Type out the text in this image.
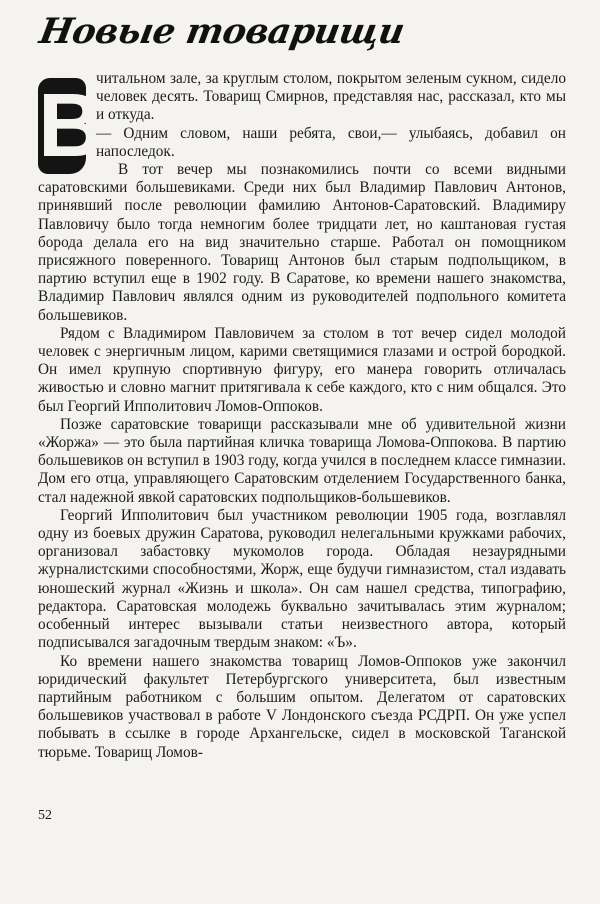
Новые товарищи
В

читальном зале, за круглым столом, покрытом зеленым сукном, сидело человек десять. Товарищ Смирнов, представляя нас, рассказал, кто мы и откуда.

— Одним словом, наши ребята, свои,— улыбаясь, добавил он напоследок.

В тот вечер мы познакомились почти со всеми видными саратовскими большевиками. Среди них был Владимир Павлович Антонов, принявший после революции фамилию Антонов-Саратовский. Владимиру Павловичу было тогда немногим более тридцати лет, но каштановая густая борода делала его на вид значительно старше. Работал он помощником присяжного поверенного. Товарищ Антонов был старым подпольщиком, в партию вступил еще в 1902 году. В Саратове, ко времени нашего знакомства, Владимир Павлович являлся одним из руководителей подпольного комитета большевиков.

Рядом с Владимиром Павловичем за столом в тот вечер сидел молодой человек с энергичным лицом, карими светящимися глазами и острой бородкой. Он имел крупную спортивную фигуру, его манера говорить отличалась живостью и словно магнит притягивала к себе каждого, кто с ним общался. Это был Георгий Ипполитович Ломов-Оппоков.

Позже саратовские товарищи рассказывали мне об удивительной жизни «Жоржа» — это была партийная кличка товарища Ломова-Оппокова. В партию большевиков он вступил в 1903 году, когда учился в последнем классе гимназии. Дом его отца, управляющего Саратовским отделением Государственного банка, стал надежной явкой саратовских подпольщиков-большевиков.

Георгий Ипполитович был участником революции 1905 года, возглавлял одну из боевых дружин Саратова, руководил нелегальными кружками рабочих, организовал забастовку мукомолов города. Обладая незаурядными журналистскими способностями, Жорж, еще будучи гимназистом, стал издавать юношеский журнал «Жизнь и школа». Он сам нашел средства, типографию, редактора. Саратовская молодежь буквально зачитывалась этим журналом; особенный интерес вызывали статьи неизвестного автора, который подписывался загадочным твердым знаком: «Ъ».

Ко времени нашего знакомства товарищ Ломов-Оппоков уже закончил юридический факультет Петербургского университета, был известным партийным работником с большим опытом. Делегатом от саратовских большевиков участвовал в работе V Лондонского съезда РСДРП. Он уже успел побывать в ссылке в городе Архангельске, сидел в московской Таганской тюрьме. Товарищ Ломов-

52
